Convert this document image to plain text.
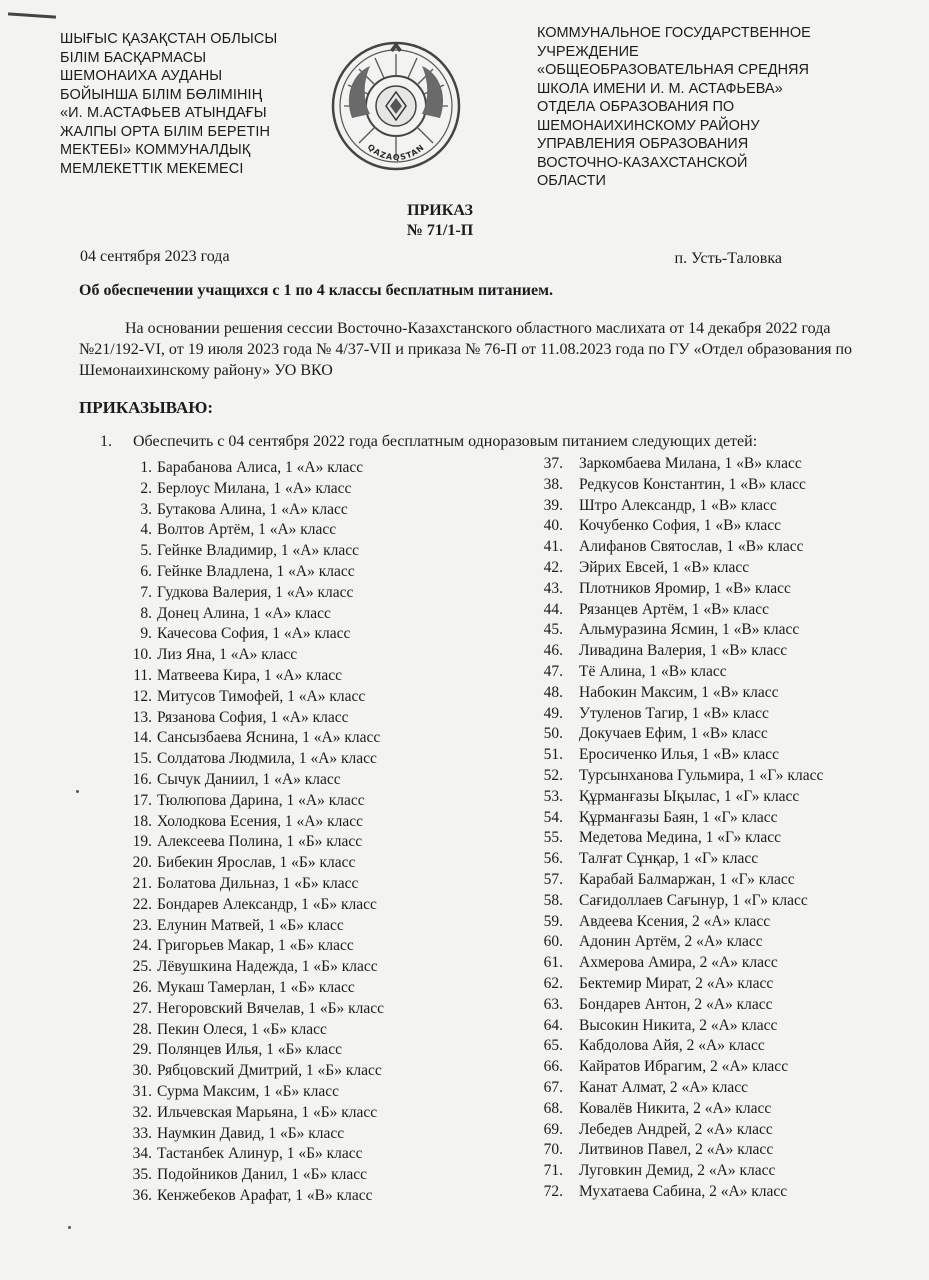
ШЫҒЫС ҚАЗАҚСТАН ОБЛЫСЫ
БІЛІМ БАСҚАРМАСЫ
ШЕМОНАИХА АУДАНЫ
БОЙЫНША БІЛІМ БӨЛІМІНІҢ
«И. М.АСТАФЬЕВ АТЫНДАҒЫ
ЖАЛПЫ ОРТА БІЛІМ БЕРЕТІН
МЕКТЕБІ» КОММУНАЛДЫҚ
МЕМЛЕКЕТТІК МЕКЕМЕСІ
QAZAQSTAN
КОММУНАЛЬНОЕ ГОСУДАРСТВЕННОЕ
УЧРЕЖДЕНИЕ
«ОБЩЕОБРАЗОВАТЕЛЬНАЯ СРЕДНЯЯ
ШКОЛА ИМЕНИ И. М. АСТАФЬЕВА»
ОТДЕЛА ОБРАЗОВАНИЯ ПО
ШЕМОНАИХИНСКОМУ РАЙОНУ
УПРАВЛЕНИЯ ОБРАЗОВАНИЯ
ВОСТОЧНО-КАЗАХСТАНСКОЙ
ОБЛАСТИ
ПРИКАЗ
№ 71/1-П
04 сентября 2023 года	п. Усть-Таловка
Об обеспечении учащихся с 1 по 4 классы бесплатным питанием.
На основании решения сессии Восточно-Казахстанского областного маслихата от 14 декабря 2022 года №21/192-VI, от 19 июля 2023 года № 4/37-VII и приказа № 76-П от 11.08.2023 года по ГУ «Отдел образования по Шемонаихинскому району» УО ВКО
ПРИКАЗЫВАЮ:
1. Обеспечить с 04 сентября 2022 года бесплатным одноразовым питанием следующих детей:
1. Барабанова Алиса, 1 «А» класс
2. Берлоус Милана, 1 «А» класс
3. Бутакова Алина, 1 «А» класс
4. Волтов Артём, 1 «А» класс
5. Гейнке Владимир, 1 «А» класс
6. Гейнке Владлена, 1 «А» класс
7. Гудкова Валерия, 1 «А» класс
8. Донец Алина, 1 «А» класс
9. Качесова София, 1 «А» класс
10. Лиз Яна, 1 «А» класс
11. Матвеева Кира, 1 «А» класс
12. Митусов Тимофей, 1 «А» класс
13. Рязанова София, 1 «А» класс
14. Сансызбаева Яснина, 1 «А» класс
15. Солдатова Людмила, 1 «А» класс
16. Сычук Даниил, 1 «А» класс
17. Тюлюпова Дарина, 1 «А» класс
18. Холодкова Есения, 1 «А» класс
19. Алексеева Полина, 1 «Б» класс
20. Бибекин Ярослав, 1 «Б» класс
21. Болатова Дильназ, 1 «Б» класс
22. Бондарев Александр, 1 «Б» класс
23. Елунин Матвей, 1 «Б» класс
24. Григорьев Макар, 1 «Б» класс
25. Лёвушкина Надежда, 1 «Б» класс
26. Мукаш Тамерлан, 1 «Б» класс
27. Негоровский Вячелав, 1 «Б» класс
28. Пекин Олеся, 1 «Б» класс
29. Полянцев Илья, 1 «Б» класс
30. Рябцовский Дмитрий, 1 «Б» класс
31. Сурма Максим, 1 «Б» класс
32. Ильчевская Марьяна, 1 «Б» класс
33. Наумкин Давид, 1 «Б» класс
34. Тастанбек Алинур, 1 «Б» класс
35. Подойников Данил, 1 «Б» класс
36. Кенжебеков Арафат, 1 «В» класс
37. Заркомбаева Милана, 1 «В» класс
38. Редкусов Константин, 1 «В» класс
39. Штро Александр, 1 «В» класс
40. Кочубенко София, 1 «В» класс
41. Алифанов Святослав, 1 «В» класс
42. Эйрих Евсей, 1 «В» класс
43. Плотников Яромир, 1 «В» класс
44. Рязанцев Артём, 1 «В» класс
45. Альмуразина Ясмин, 1 «В» класс
46. Ливадина Валерия, 1 «В» класс
47. Тё Алина, 1 «В» класс
48. Набокин Максим, 1 «В» класс
49. Утуленов Тагир, 1 «В» класс
50. Докучаев Ефим, 1 «В» класс
51. Еросиченко Илья, 1 «В» класс
52. Турсынханова Гульмира, 1 «Г» класс
53. Құрманғазы Ықылас, 1 «Г» класс
54. Құрманғазы Баян, 1 «Г» класс
55. Медетова Медина, 1 «Г» класс
56. Талғат Сұнқар, 1 «Г» класс
57. Карабай Балмаржан, 1 «Г» класс
58. Сағидоллаев Сағынур, 1 «Г» класс
59. Авдеева Ксения, 2 «А» класс
60. Адонин Артём, 2 «А» класс
61. Ахмерова Амира, 2 «А» класс
62. Бектемир Мират, 2 «А» класс
63. Бондарев Антон, 2 «А» класс
64. Высокин Никита, 2 «А» класс
65. Кабдолова Айя, 2 «А» класс
66. Кайратов Ибрагим, 2 «А» класс
67. Канат Алмат, 2 «А» класс
68. Ковалёв Никита, 2 «А» класс
69. Лебедев Андрей, 2 «А» класс
70. Литвинов Павел, 2 «А» класс
71. Луговкин Демид, 2 «А» класс
72. Мухатаева Сабина, 2 «А» класс
